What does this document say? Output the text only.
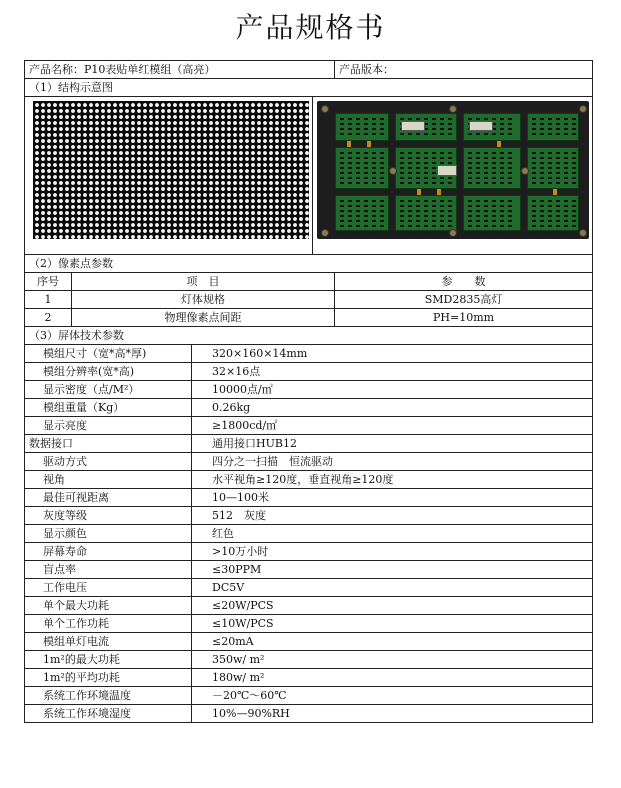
产品规格书
产品名称：P10表贴单红模组（高亮）			产品版本：
（1）结构示意图			

（2）像素点参数			
序号	项　目		参　　数
1	灯体规格		SMD2835高灯
2	物理像素点间距		PH=10mm
（3）屏体技术参数			
模组尺寸（宽*高*厚)		320×160×14mm	
模组分辨率(宽*高)		32×16点	
显示密度（点/M²）		10000点/㎡	
模组重量（Kg）		0.26kg	
显示亮度		≥1800cd/㎡	
数据接口		通用接口HUB12	
驱动方式		四分之一扫描　恒流驱动	
视角		水平视角≥120度，垂直视角≥120度	
最佳可视距离		10—100米	
灰度等级		512　灰度	
显示颜色		红色	
屏幕寿命		>10万小时	
盲点率		≤30PPM	
工作电压		DC5V	
单个最大功耗		≤20W/PCS	
单个工作功耗		≤10W/PCS	
模组单灯电流		≤20mA	
1m²的最大功耗		350w/ m²	
1m²的平均功耗		180w/ m²	
系统工作环境温度		－20℃～60℃	
系统工作环境湿度		10%—90%RH	
